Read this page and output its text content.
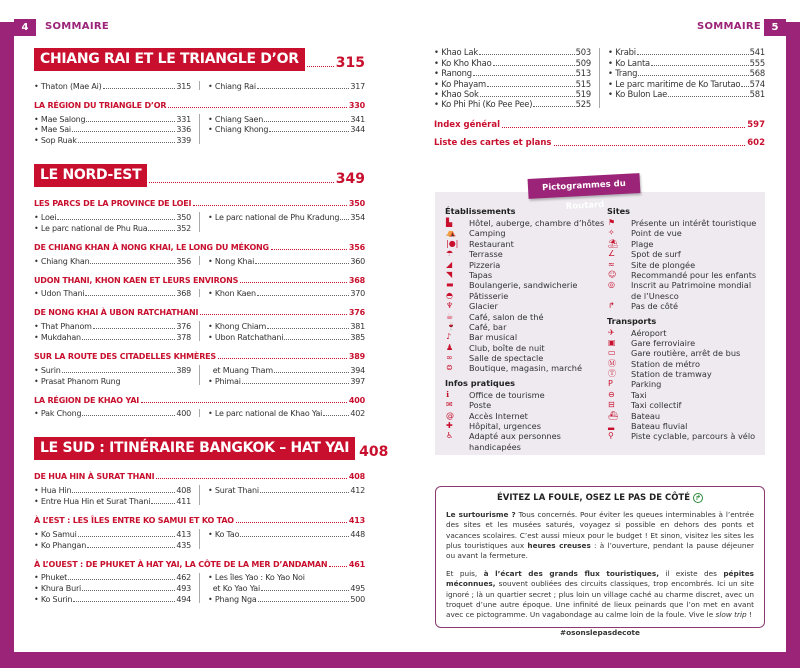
4	SOMMAIRE	5
SOMMAIRE
CHIANG RAI ET LE TRIANGLE D’OR	315
• Thaton (Mae Ai)	315 • Chiang Rai	317
LA RÉGION DU TRIANGLE D’OR	330
• Mae Salong	331
• Mae Sai	336
• Sop Ruak	339
• Chiang Saen	341
• Chiang Khong	344
LE NORD-EST	349
LES PARCS DE LA PROVINCE DE LOEI	350
• Loei	350
• Le parc national de Phu Rua	352
• Le parc national de Phu Kradung 354
DE CHIANG KHAN À NONG KHAI, LE LONG DU MÉKONG	356
• Chiang Khan	356 • Nong Khai	360
UDON THANI, KHON KAEN ET LEURS ENVIRONS	368
• Udon Thani	368 • Khon Kaen	370
DE NONG KHAI À UBON RATCHATHANI	376
• That Phanom	376
• Mukdahan	378
• Khong Chiam	381
• Ubon Ratchathani	385
SUR LA ROUTE DES CITADELLES KHMÈRES	389
• Surin	389
• Prasat Phanom Rung
et Muang Tham	394
• Phimai	397
LA RÉGION DE KHAO YAI	400
• Pak Chong	400 • Le parc national de Khao Yai	402
LE SUD : ITINÉRAIRE BANGKOK – HAT YAI 408
DE HUA HIN À SURAT THANI	408
• Hua Hin	408
• Entre Hua Hin et Surat Thani	411
• Surat Thani	412
À L’EST : LES ÎLES ENTRE KO SAMUI ET KO TAO	413
• Ko Samui	413
• Ko Phangan	435
• Ko Tao	448
À L’OUEST : DE PHUKET À HAT YAI, LA CÔTE DE LA MER D’ANDAMAN	461
• Phuket	462
• Khura Buri	493
• Ko Surin	494
• Les îles Yao : Ko Yao Noi
et Ko Yao Yai	495
• Phang Nga	500
• Khao Lak	503
• Ko Kho Khao	509
• Ranong	513
• Ko Phayam	515
• Khao Sok	519
• Ko Phi Phi (Ko Pee Pee)	525
• Krabi	541
• Ko Lanta	555
• Trang	568
• Le parc maritime de Ko Tarutao 574
• Ko Bulon Lae	581
Index général	597
Liste des cartes et plans	602
Établissements
▙	Hôtel, auberge, chambre d’hôtes
⛺	Camping
|●|	Restaurant
☂	Terrasse
◢	Pizzeria
◥	Tapas
▬	Boulangerie, sandwicherie
◓	Pâtisserie
♆	Glacier
☕	Café, salon de thé
🍷	Café, bar
♪	Bar musical
♟	Club, boîte de nuit
∞	Salle de spectacle
⊜	Boutique, magasin, marché
Infos pratiques
ℹ	Office de tourisme
✉	Poste
@	Accès Internet
✚	Hôpital, urgences
♿	Adapté aux personnes
handicapées
Sites
⚑	Présente un intérêt touristique
✧	Point de vue
⛱	Plage
∠	Spot de surf
≈	Site de plongée
☺	Recommandé pour les enfants
◎	Inscrit au Patrimoine mondial
de l’Unesco
↱	Pas de côté
Transports
✈	Aéroport
▣	Gare ferroviaire
▭	Gare routière, arrêt de bus
Ⓜ	Station de métro
Ⓣ	Station de tramway
P	Parking
⊖	Taxi
⊟	Taxi collectif
⛴	Bateau
▂	Bateau fluvial
⚲	Piste cyclable, parcours à vélo
Pictogrammes du Routard
ÉVITEZ LA FOULE, OSEZ LE PAS DE CÔTÉ ↱

Le surtourisme ? Tous concernés. Pour éviter les queues interminables à l’entrée des sites et les musées saturés, voyagez si possible en dehors des ponts et vacances scolaires. C’est aussi mieux pour le budget ! Et sinon, visitez les sites les plus touristiques aux heures creuses : à l’ouverture, pendant la pause déjeuner ou avant la fermeture.

Et puis, à l’écart des grands flux touristiques, il existe des pépites méconnues, souvent oubliées des circuits classiques, trop encombrés. Ici un site ignoré ; là un quartier secret ; plus loin un village caché au charme discret, avec un troquet d’une autre époque. Une infinité de lieux peinards que l’on met en avant avec ce pictogramme. Un vagabondage au calme loin de la foule. Vive le slow trip !

#osonslepasdecote
